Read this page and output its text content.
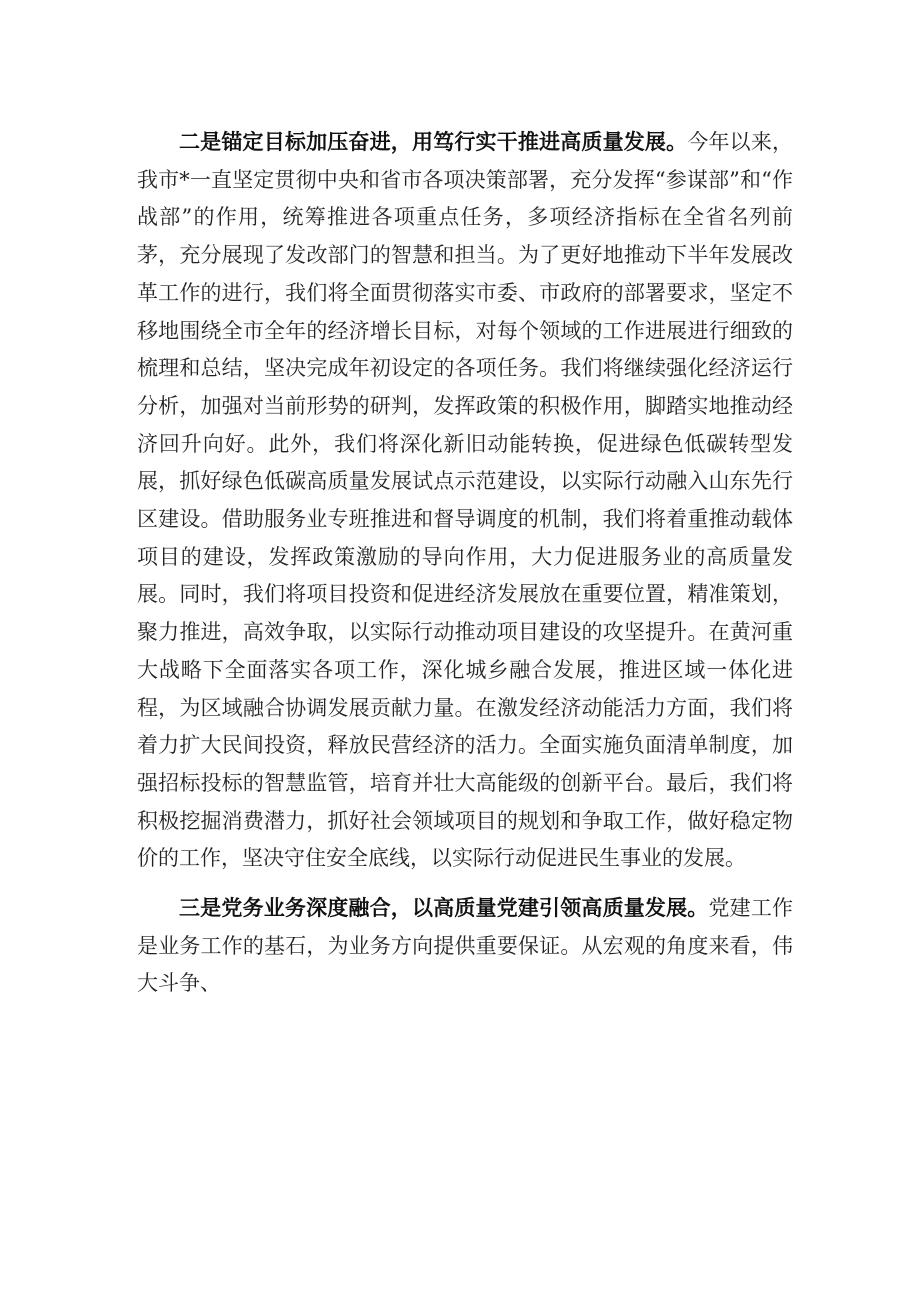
二是锚定目标加压奋进，用笃行实干推进高质量发展。今年以来，我市*一直坚定贯彻中央和省市各项决策部署，充分发挥“参谋部”和“作战部”的作用，统筹推进各项重点任务，多项经济指标在全省名列前茅，充分展现了发改部门的智慧和担当。为了更好地推动下半年发展改革工作的进行，我们将全面贯彻落实市委、市政府的部署要求，坚定不移地围绕全市全年的经济增长目标，对每个领域的工作进展进行细致的梳理和总结，坚决完成年初设定的各项任务。我们将继续强化经济运行分析，加强对当前形势的研判，发挥政策的积极作用，脚踏实地推动经济回升向好。此外，我们将深化新旧动能转换，促进绿色低碳转型发展，抓好绿色低碳高质量发展试点示范建设，以实际行动融入山东先行区建设。借助服务业专班推进和督导调度的机制，我们将着重推动载体项目的建设，发挥政策激励的导向作用，大力促进服务业的高质量发展。同时，我们将项目投资和促进经济发展放在重要位置，精准策划，聚力推进，高效争取，以实际行动推动项目建设的攻坚提升。在黄河重大战略下全面落实各项工作，深化城乡融合发展，推进区域一体化进程，为区域融合协调发展贡献力量。在激发经济动能活力方面，我们将着力扩大民间投资，释放民营经济的活力。全面实施负面清单制度，加强招标投标的智慧监管，培育并壮大高能级的创新平台。最后，我们将积极挖掘消费潜力，抓好社会领域项目的规划和争取工作，做好稳定物价的工作，坚决守住安全底线，以实际行动促进民生事业的发展。

三是党务业务深度融合，以高质量党建引领高质量发展。党建工作是业务工作的基石，为业务方向提供重要保证。从宏观的角度来看，伟大斗争、
